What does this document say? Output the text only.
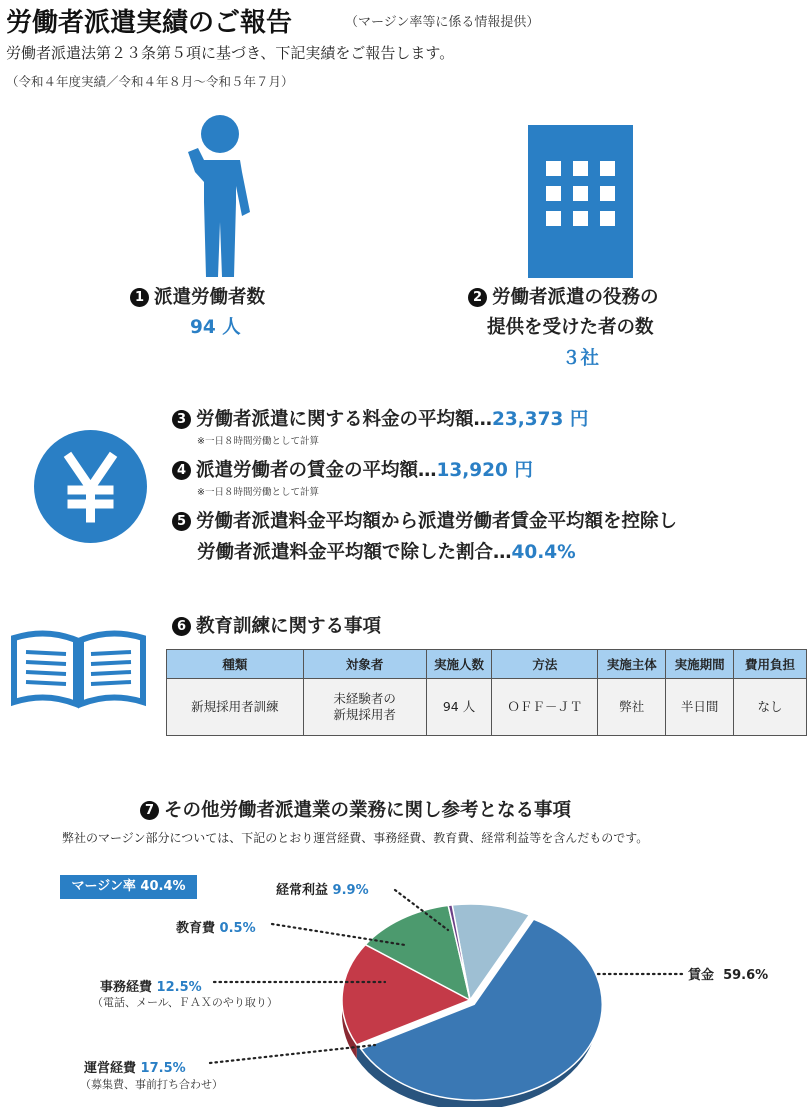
労働者派遣実績のご報告	（マージン率等に係る情報提供）
労働者派遣法第２３条第５項に基づき、下記実績をご報告します。
（令和４年度実績／令和４年８月〜令和５年７月）
1 派遣労働者数
94 人
2 労働者派遣の役務の
提供を受けた者の数
３社
3 労働者派遣に関する料金の平均額…23,373 円
※一日８時間労働として計算
4 派遣労働者の賃金の平均額…13,920 円
※一日８時間労働として計算
5 労働者派遣料金平均額から派遣労働者賃金平均額を控除し
労働者派遣料金平均額で除した割合…40.4%
6 教育訓練に関する事項
種類	対象者	実施人数	方法	実施主体	実施期間	費用負担
新規採用者訓練	未経験者の
新規採用者	94 人	ＯＦＦ－ＪＴ	弊社	半日間	なし
7 その他労働者派遣業の業務に関し参考となる事項
弊社のマージン部分については、下記のとおり運営経費、事務経費、教育費、経常利益等を含んだものです。
マージン率 40.4%	経常利益 9.9%
教育費 0.5%
事務経費 12.5%
（電話、メール、ＦＡＸのやり取り）
賃金 59.6%
運営経費 17.5%
（募集費、事前打ち合わせ）
